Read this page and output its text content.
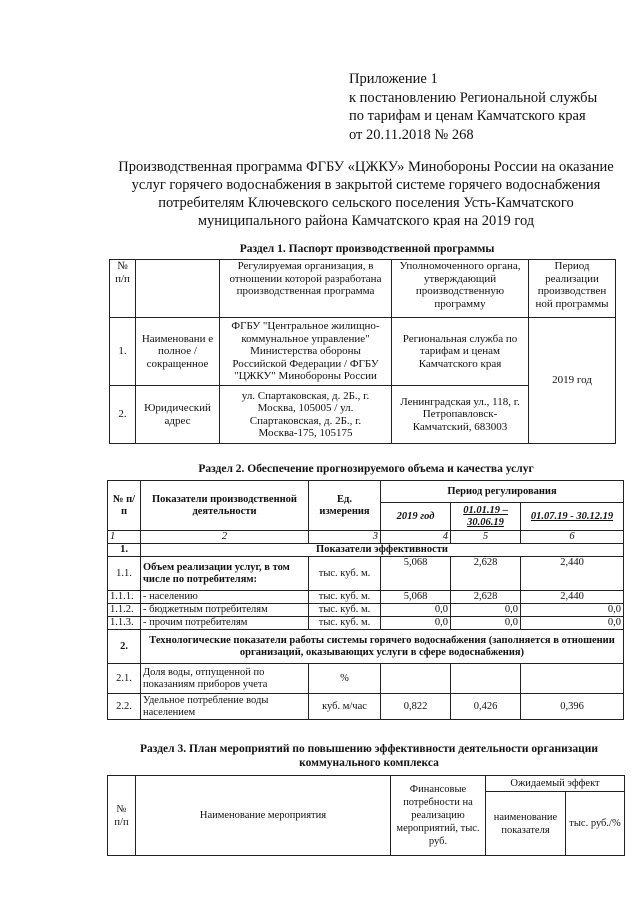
Приложение 1
к постановлению Региональной службы
по тарифам и ценам Камчатского края
от 20.11.2018 № 268
Производственная программа ФГБУ «ЦЖКУ» Минобороны России на оказание
услуг горячего водоснабжения в закрытой системе горячего водоснабжения
потребителям Ключевского сельского поселения Усть-Камчатского
муниципального района Камчатского края на 2019 год
Раздел 1. Паспорт производственной программы
№ п/п		Регулируемая организация, в отношении которой разработана производственная программа	Уполномоченного органа, утверждающий производственную программу	Период реализации производствен ной программы
1.	Наименовани е полное / сокращенное	ФГБУ "Центральное жилищно-коммунальное управление" Министерства обороны Российской Федерации / ФГБУ "ЦЖКУ" Минобороны России	Региональная служба по тарифам и ценам Камчатского края	2019 год
2.	Юридический адрес	ул. Спартаковская, д. 2Б., г. Москва, 105005 / ул. Спартаковская, д. 2Б., г. Москва-175, 105175	Ленинградская ул., 118, г. Петропавловск-Камчатский, 683003	
Раздел 2. Обеспечение прогнозируемого объема и качества услуг
№ п/п	Показатели производственной деятельности	Ед. измерения	Период регулирования		
			2019 год	01.01.19 – 30.06.19	01.07.19 - 30.12.19
1	2	3	4	5	6
1.	Показатели эффективности				
1.1.	Объем реализации услуг, в том числе по потребителям:	тыс. куб. м.	5,068	2,628	2,440
1.1.1.	- населению	тыс. куб. м.	5,068	2,628	2,440
1.1.2.	- бюджетным потребителям	тыс. куб. м.	0,0	0,0	0,0
1.1.3.	- прочим потребителям	тыс. куб. м.	0,0	0,0	0,0
2.	Технологические показатели работы системы горячего водоснабжения (заполняется в отношении организаций, оказывающих услуги в сфере водоснабжения)				
2.1.	Доля воды, отпущенной по показаниям приборов учета	%			
2.2.	Удельное потребление воды населением	куб. м/час	0,822	0,426	0,396
Раздел 3. План мероприятий по повышению эффективности деятельности организации
коммунального комплекса
№ п/п	Наименование мероприятия	Финансовые потребности на реализацию мероприятий, тыс. руб.	Ожидаемый эффект	
			наименование показателя	тыс. руб./%
